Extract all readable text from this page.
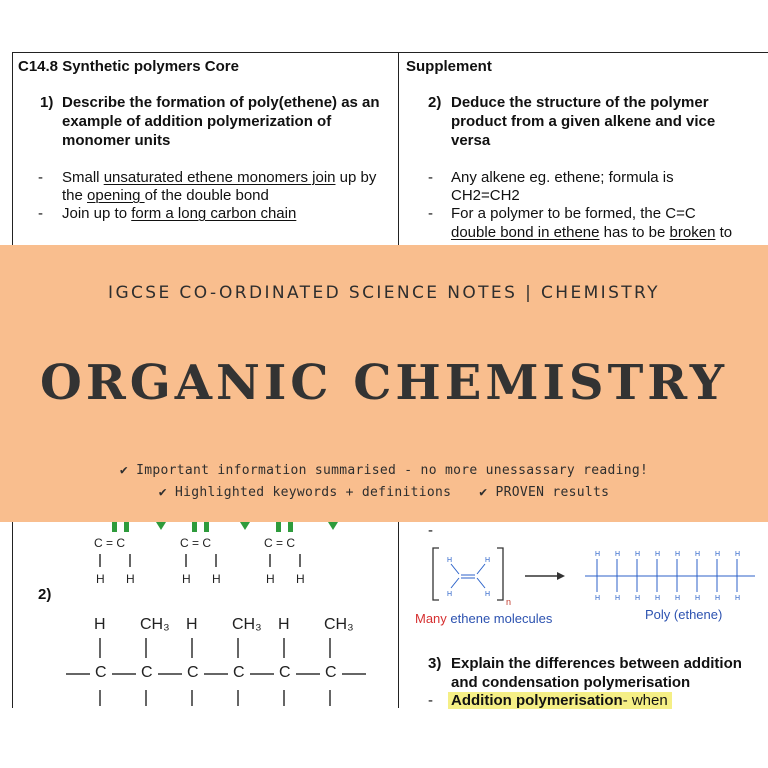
C14.8 Synthetic polymers Core	Supplement
1) Describe the formation of poly(ethene) as an
example of addition polymerization of
monomer units
- Small unsaturated ethene monomers join up by
the opening of the double bond
- Join up to form a long carbon chain
2) Deduce the structure of the polymer
product from a given alkene and vice
versa
- Any alkene eg. ethene; formula is
CH2=CH2
- For a polymer to be formed, the C=C
double bond in ethene has to be broken to
C = C	C = C	C = C
H H	H H	H H
2)
H CH₃ H CH₃ H CH₃
C C C C C C
-
H	H
H	H
H H H H H H H H
H H H H H H H H
n
Many ethene molecules	Poly (ethene)
3) Explain the differences between addition
and condensation polymerisation
- Addition polymerisation- when
IGCSE CO-ORDINATED SCIENCE NOTES | CHEMISTRY
ORGANIC CHEMISTRY
✔ Important information summarised - no more unessassary reading!
✔ Highlighted keywords + definitions ✔ PROVEN results
